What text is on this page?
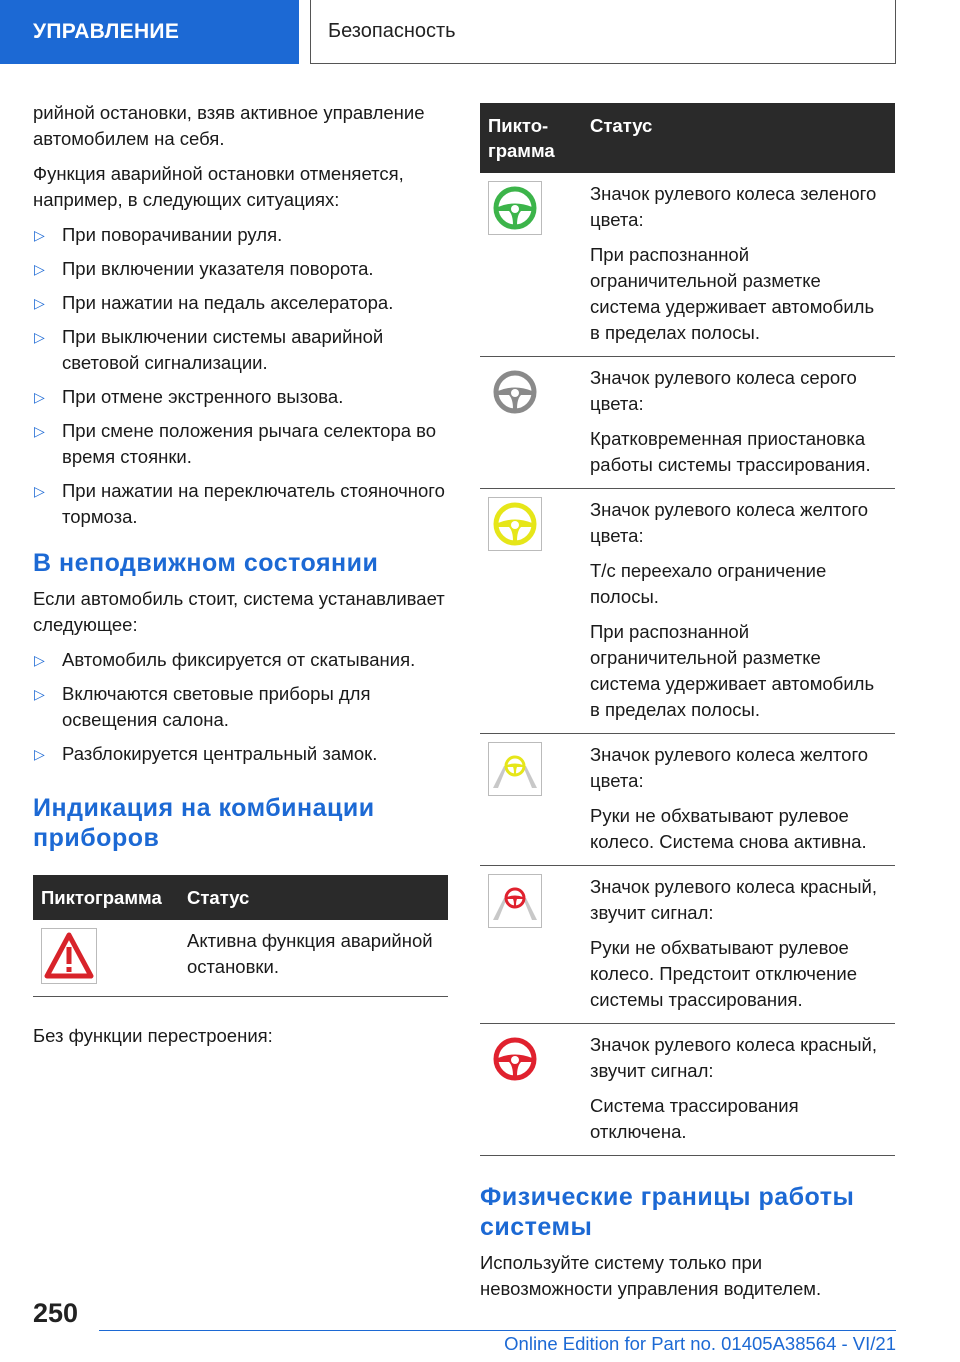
УПРАВЛЕНИЕ	Безопасность

рийной остановки, взяв активное управление автомобилем на себя.

Функция аварийной остановки отменяется, например, в следующих ситуациях:

▷ При поворачивании руля.
▷ При включении указателя поворота.
▷ При нажатии на педаль акселератора.
▷ При выключении системы аварийной световой сигнализации.
▷ При отмене экстренного вызова.
▷ При смене положения рычага селектора во время стоянки.
▷ При нажатии на переключатель стояночного тормоза.
В неподвижном состоянии

Если автомобиль стоит, система устанавливает следующее:

▷ Автомобиль фиксируется от скатывания.
▷ Включаются световые приборы для освещения салона.
▷ Разблокируется центральный замок.
Индикация на комбинации приборов
Пиктограмма	Статус

Активна функция аварийной остановки.

Без функции перестроения:

Пикто-грамма	Статус

Значок рулевого колеса зеленого цвета:

При распознанной ограничительной разметке система удерживает автомобиль в пределах полосы.

Значок рулевого колеса серого цвета:

Кратковременная приостановка работы системы трассирования.

Значок рулевого колеса желтого цвета:

Т/с переехало ограничение полосы.

При распознанной ограничительной разметке система удерживает автомобиль в пределах полосы.

Значок рулевого колеса желтого цвета:

Руки не обхватывают рулевое колесо. Система снова активна.

Значок рулевого колеса красный, звучит сигнал:

Руки не обхватывают рулевое колесо. Предстоит отключение системы трассирования.

Значок рулевого колеса красный, звучит сигнал:

Система трассирования отключена.

Физические границы работы системы

Используйте систему только при невозможности управления водителем.

250
Online Edition for Part no. 01405A38564 - VI/21
